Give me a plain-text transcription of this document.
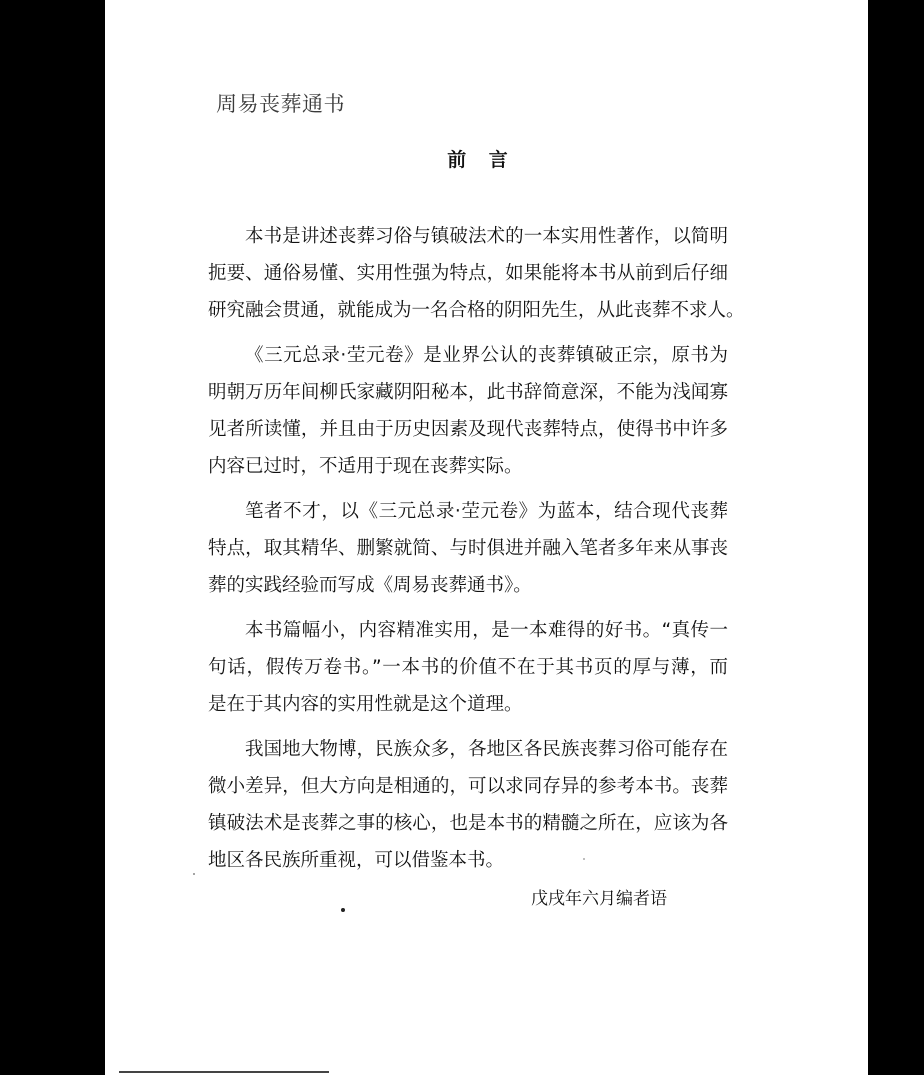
周易丧葬通书
前 言
本书是讲述丧葬习俗与镇破法术的一本实用性著作，以简明
扼要、通俗易懂、实用性强为特点，如果能将本书从前到后仔细
研究融会贯通，就能成为一名合格的阴阳先生，从此丧葬不求人。
《三元总录·茔元卷》是业界公认的丧葬镇破正宗，原书为
明朝万历年间柳氏家藏阴阳秘本，此书辞简意深，不能为浅闻寡
见者所读懂，并且由于历史因素及现代丧葬特点，使得书中许多
内容已过时，不适用于现在丧葬实际。
笔者不才，以《三元总录·茔元卷》为蓝本，结合现代丧葬
特点，取其精华、删繁就简、与时俱进并融入笔者多年来从事丧
葬的实践经验而写成《周易丧葬通书》。
本书篇幅小，内容精准实用，是一本难得的好书。“真传一
句话，假传万卷书。”一本书的价值不在于其书页的厚与薄，而
是在于其内容的实用性就是这个道理。
我国地大物博，民族众多，各地区各民族丧葬习俗可能存在
微小差异，但大方向是相通的，可以求同存异的参考本书。丧葬
镇破法术是丧葬之事的核心，也是本书的精髓之所在，应该为各
地区各民族所重视，可以借鉴本书。
戊戌年六月编者语
